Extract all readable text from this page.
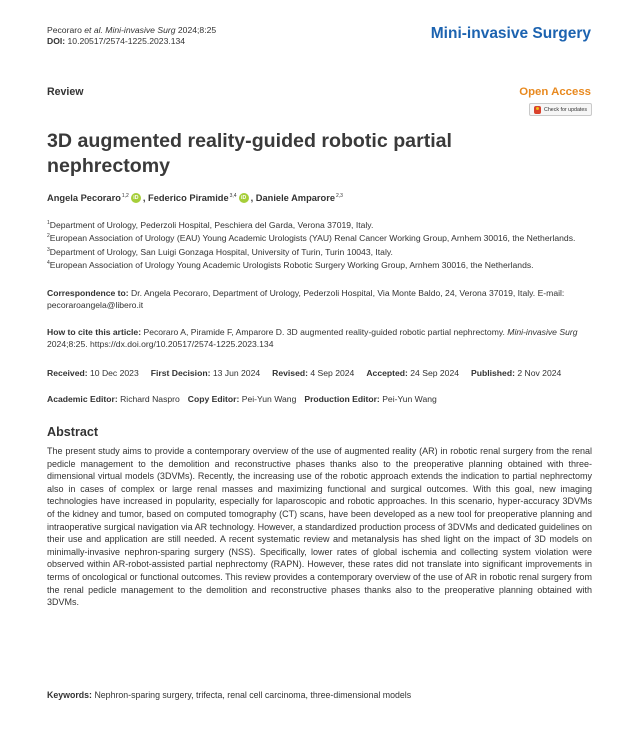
Pecoraro et al. Mini-invasive Surg 2024;8:25
DOI: 10.20517/2574-1225.2023.134	Mini-invasive Surgery
Review	Open Access
Check for updates
3D augmented reality-guided robotic partial nephrectomy
Angela Pecoraro$^{1,2}$ iD ,
Federico Piramide$^{3,4}$ iD ,
Daniele Amparore$^{2,3}$

$^1$Department of Urology, Pederzoli Hospital, Peschiera del Garda, Verona 37019, Italy.

$^2$European Association of Urology (EAU) Young Academic Urologists (YAU) Renal Cancer Working Group, Arnhem 30016, the Netherlands.

$^3$Department of Urology, San Luigi Gonzaga Hospital, University of Turin, Turin 10043, Italy.

$^4$European Association of Urology Young Academic Urologists Robotic Surgery Working Group, Arnhem 30016, the Netherlands.

Correspondence to: Dr. Angela Pecoraro, Department of Urology, Pederzoli Hospital, Via Monte Baldo, 24, Verona 37019, Italy. E-mail: pecoraroangela@libero.it

How to cite this article: Pecoraro A, Piramide F, Amparore D. 3D augmented reality-guided robotic partial nephrectomy. Mini-invasive Surg 2024;8:25. https://dx.doi.org/10.20517/2574-1225.2023.134

Received: 10 Dec 2023 First Decision: 13 Jun 2024 Revised: 4 Sep 2024 Accepted: 24 Sep 2024 Published: 2 Nov 2024
Academic Editor: Richard Naspro Copy Editor: Pei-Yun Wang Production Editor: Pei-Yun Wang
Abstract

The present study aims to provide a contemporary overview of the use of augmented reality (AR) in robotic renal surgery from the renal pedicle management to the demolition and reconstructive phases thanks also to the preoperative planning obtained with three-dimensional virtual models (3DVMs). Recently, the increasing use of the robotic approach extends the indication to partial nephrectomy also in cases of complex or large renal masses and maximizing functional and surgical outcomes. With this goal, new imaging technologies have increased in popularity, especially for laparoscopic and robotic approaches. In this scenario, hyper-accuracy 3DVMs of the kidney and tumor, based on computed tomography (CT) scans, have been developed as a new tool for preoperative planning and intraoperative surgical navigation via AR technology. However, a standardized production process of 3DVMs and dedicated guidelines on their use and application are still needed. A recent systematic review and metanalysis has shed light on the impact of 3D models on minimally-invasive nephron-sparing surgery (NSS). Specifically, lower rates of global ischemia and collecting system violation were observed within AR-robot-assisted partial nephrectomy (RAPN). However, these rates did not translate into significant improvements in terms of oncological or functional outcomes. This review provides a contemporary overview of the use of AR in robotic renal surgery from the renal pedicle management to the demolition and reconstructive phases thanks also to the preoperative planning obtained with 3DVMs.

Keywords: Nephron-sparing surgery, trifecta, renal cell carcinoma, three-dimensional models
